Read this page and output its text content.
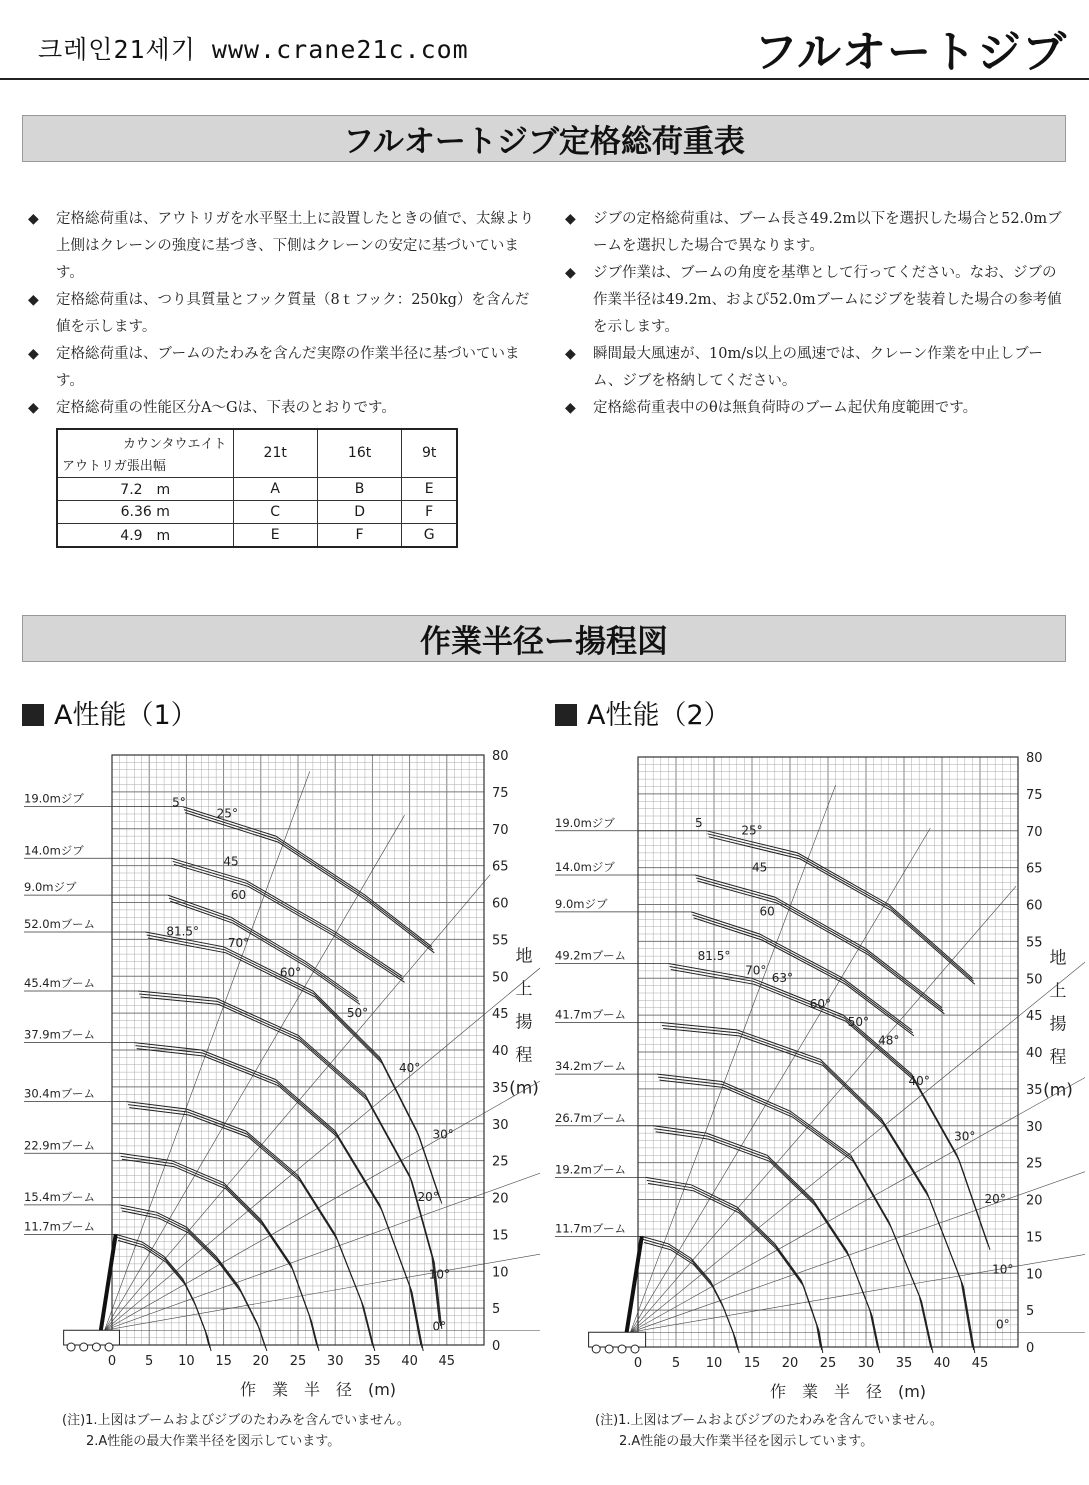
크레인21세기 www.crane21c.com	フルオートジブ
フルオートジブ定格総荷重表
◆	定格総荷重は、アウトリガを水平堅土上に設置したときの値で、太線より上側はクレーンの強度に基づき、下側はクレーンの安定に基づいています。
◆	定格総荷重は、つり具質量とフック質量（8ｔフック：250kg）を含んだ値を示します。
◆	定格総荷重は、ブームのたわみを含んだ実際の作業半径に基づいています。
◆	定格総荷重の性能区分A～Gは、下表のとおりです。
◆	ジブの定格総荷重は、ブーム長さ49.2m以下を選択した場合と52.0mブームを選択した場合で異なります。
◆	ジブ作業は、ブームの角度を基準として行ってください。なお、ジブの作業半径は49.2m、および52.0mブームにジブを装着した場合の参考値を示します。
◆	瞬間最大風速が、10m/s以上の風速では、クレーン作業を中止しブーム、ジブを格納してください。
◆	定格総荷重表中のθは無負荷時のブーム起伏角度範囲です。
カウンタウエイト
アウトリガ張出幅	21t	16t	9t
7.2　m	A	B	E
6.36 m	C	D	F
4.9　m	E	F	G
作業半径ー揚程図
A性能（1）	A性能（2）
0 5 10 15 20 25 30 35 40 45
0
5
10
15
20
25
30
35
40
45
50
55
60
65
70
75
80
作　業　半　径　(m)
地
上
揚
程
(m)
19.0mジブ
14.0mジブ
9.0mジブ
52.0mブーム
45.4mブーム
37.9mブーム
30.4mブーム
22.9mブーム
15.4mブーム
11.7mブーム
5°
25°
45
60
81.5°
70°
60°
50°
40°
30°
20°
10°
0°
0 5 10 15 20 25 30 35 40 45
0
5
10
15
20
25
30
35
40
45
50
55
60
65
70
75
80
作　業　半　径　(m)
地
上
揚
程
(m)
19.0mジブ
14.0mジブ
9.0mジブ
49.2mブーム
41.7mブーム
34.2mブーム
26.7mブーム
19.2mブーム
11.7mブーム
5
25°
45
60
81.5°
70°
63°
60°
50°
48°
40°
30°
20°
10°
0°
(注)1.上図はブームおよびジブのたわみを含んでいません。
2.A性能の最大作業半径を図示しています。
(注)1.上図はブームおよびジブのたわみを含んでいません。
2.A性能の最大作業半径を図示しています。
